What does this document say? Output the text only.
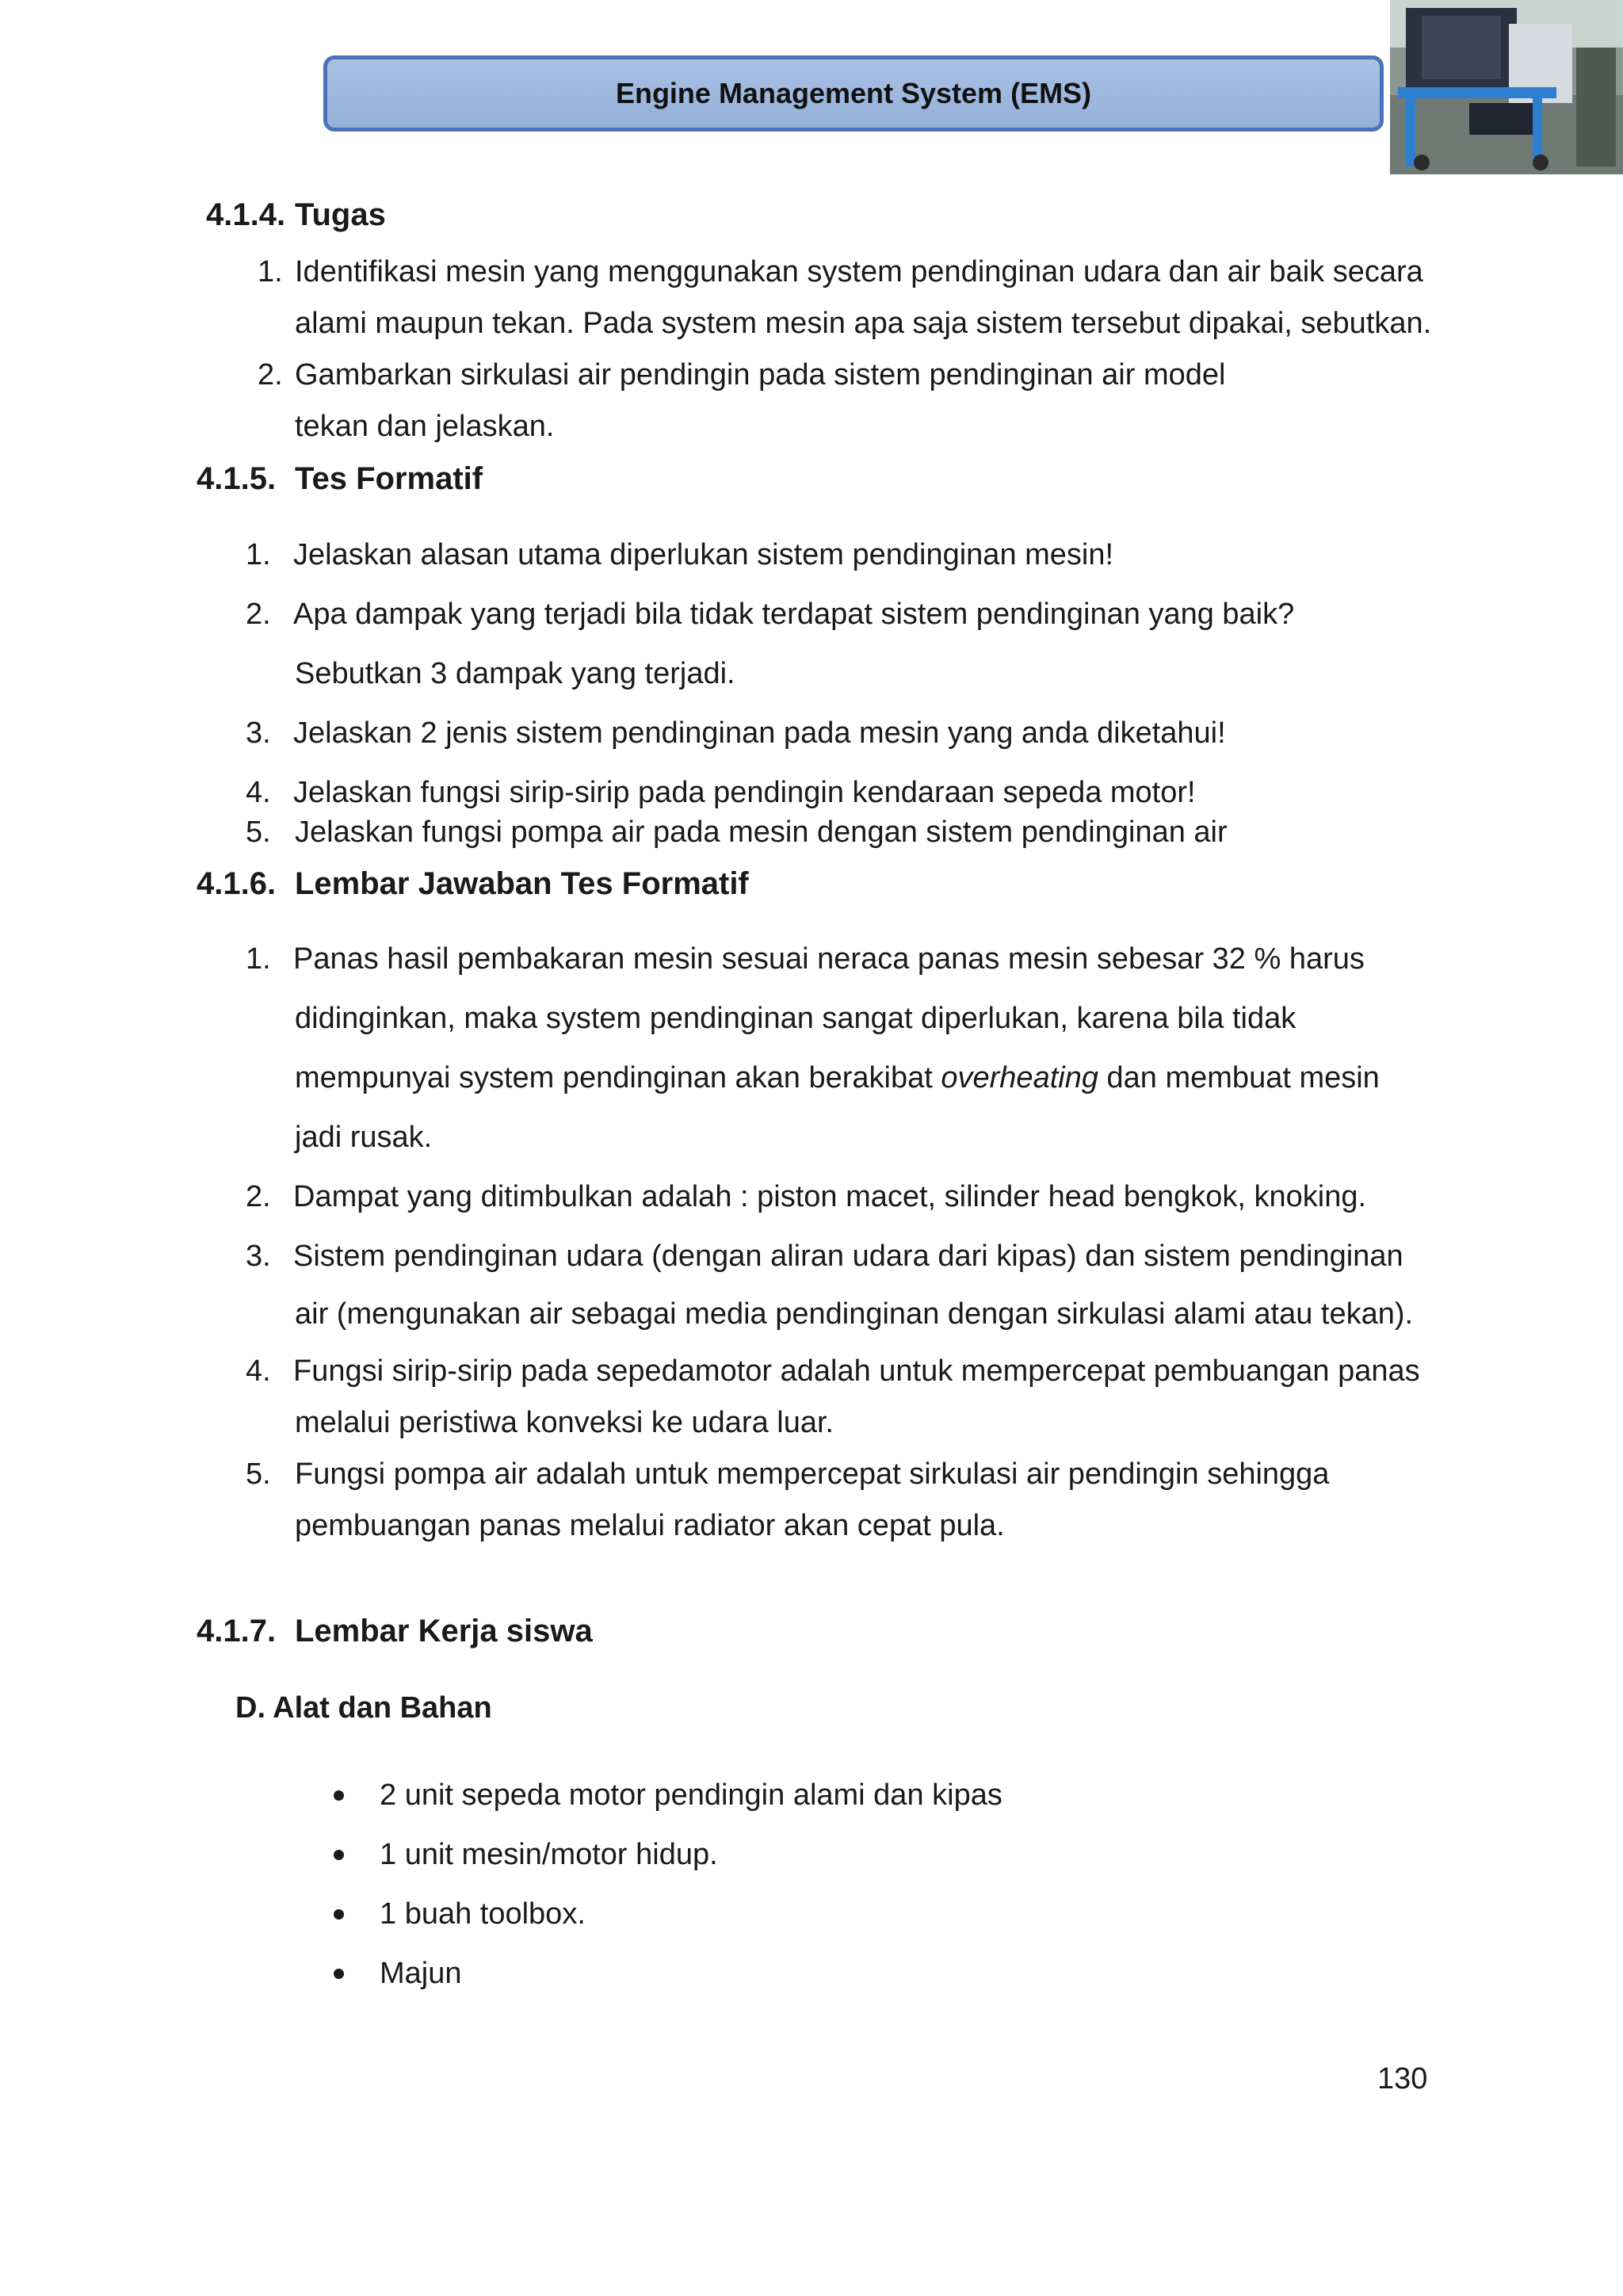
Engine Management System (EMS)
4.1.4. Tugas
1. Identifikasi mesin yang menggunakan system pendinginan udara dan air baik secara
alami maupun tekan. Pada system mesin apa saja sistem tersebut dipakai, sebutkan.
2. Gambarkan sirkulasi air pendingin pada sistem pendinginan air model
tekan dan jelaskan.
4.1.5. Tes Formatif
1. Jelaskan alasan utama diperlukan sistem pendinginan mesin!
2. Apa dampak yang terjadi bila tidak terdapat sistem pendinginan yang baik?
Sebutkan 3 dampak yang terjadi.
3. Jelaskan 2 jenis sistem pendinginan pada mesin yang anda diketahui!
4. Jelaskan fungsi sirip-sirip pada pendingin kendaraan sepeda motor!
5. Jelaskan fungsi pompa air pada mesin dengan sistem pendinginan air
4.1.6. Lembar Jawaban Tes Formatif
1. Panas hasil pembakaran mesin sesuai neraca panas mesin sebesar 32 % harus
didinginkan, maka system pendinginan sangat diperlukan, karena bila tidak
mempunyai system pendinginan akan berakibat overheating dan membuat mesin
jadi rusak.
2. Dampat yang ditimbulkan adalah : piston macet, silinder head bengkok, knoking.
3. Sistem pendinginan udara (dengan aliran udara dari kipas) dan sistem pendinginan
air (mengunakan air sebagai media pendinginan dengan sirkulasi alami atau tekan).
4. Fungsi sirip-sirip pada sepedamotor adalah untuk mempercepat pembuangan panas
melalui peristiwa konveksi ke udara luar.
5. Fungsi pompa air adalah untuk mempercepat sirkulasi air pendingin sehingga
pembuangan panas melalui radiator akan cepat pula.
4.1.7. Lembar Kerja siswa
D. Alat dan Bahan
2 unit sepeda motor pendingin alami dan kipas
1 unit mesin/motor hidup.
1 buah toolbox.
Majun
130
